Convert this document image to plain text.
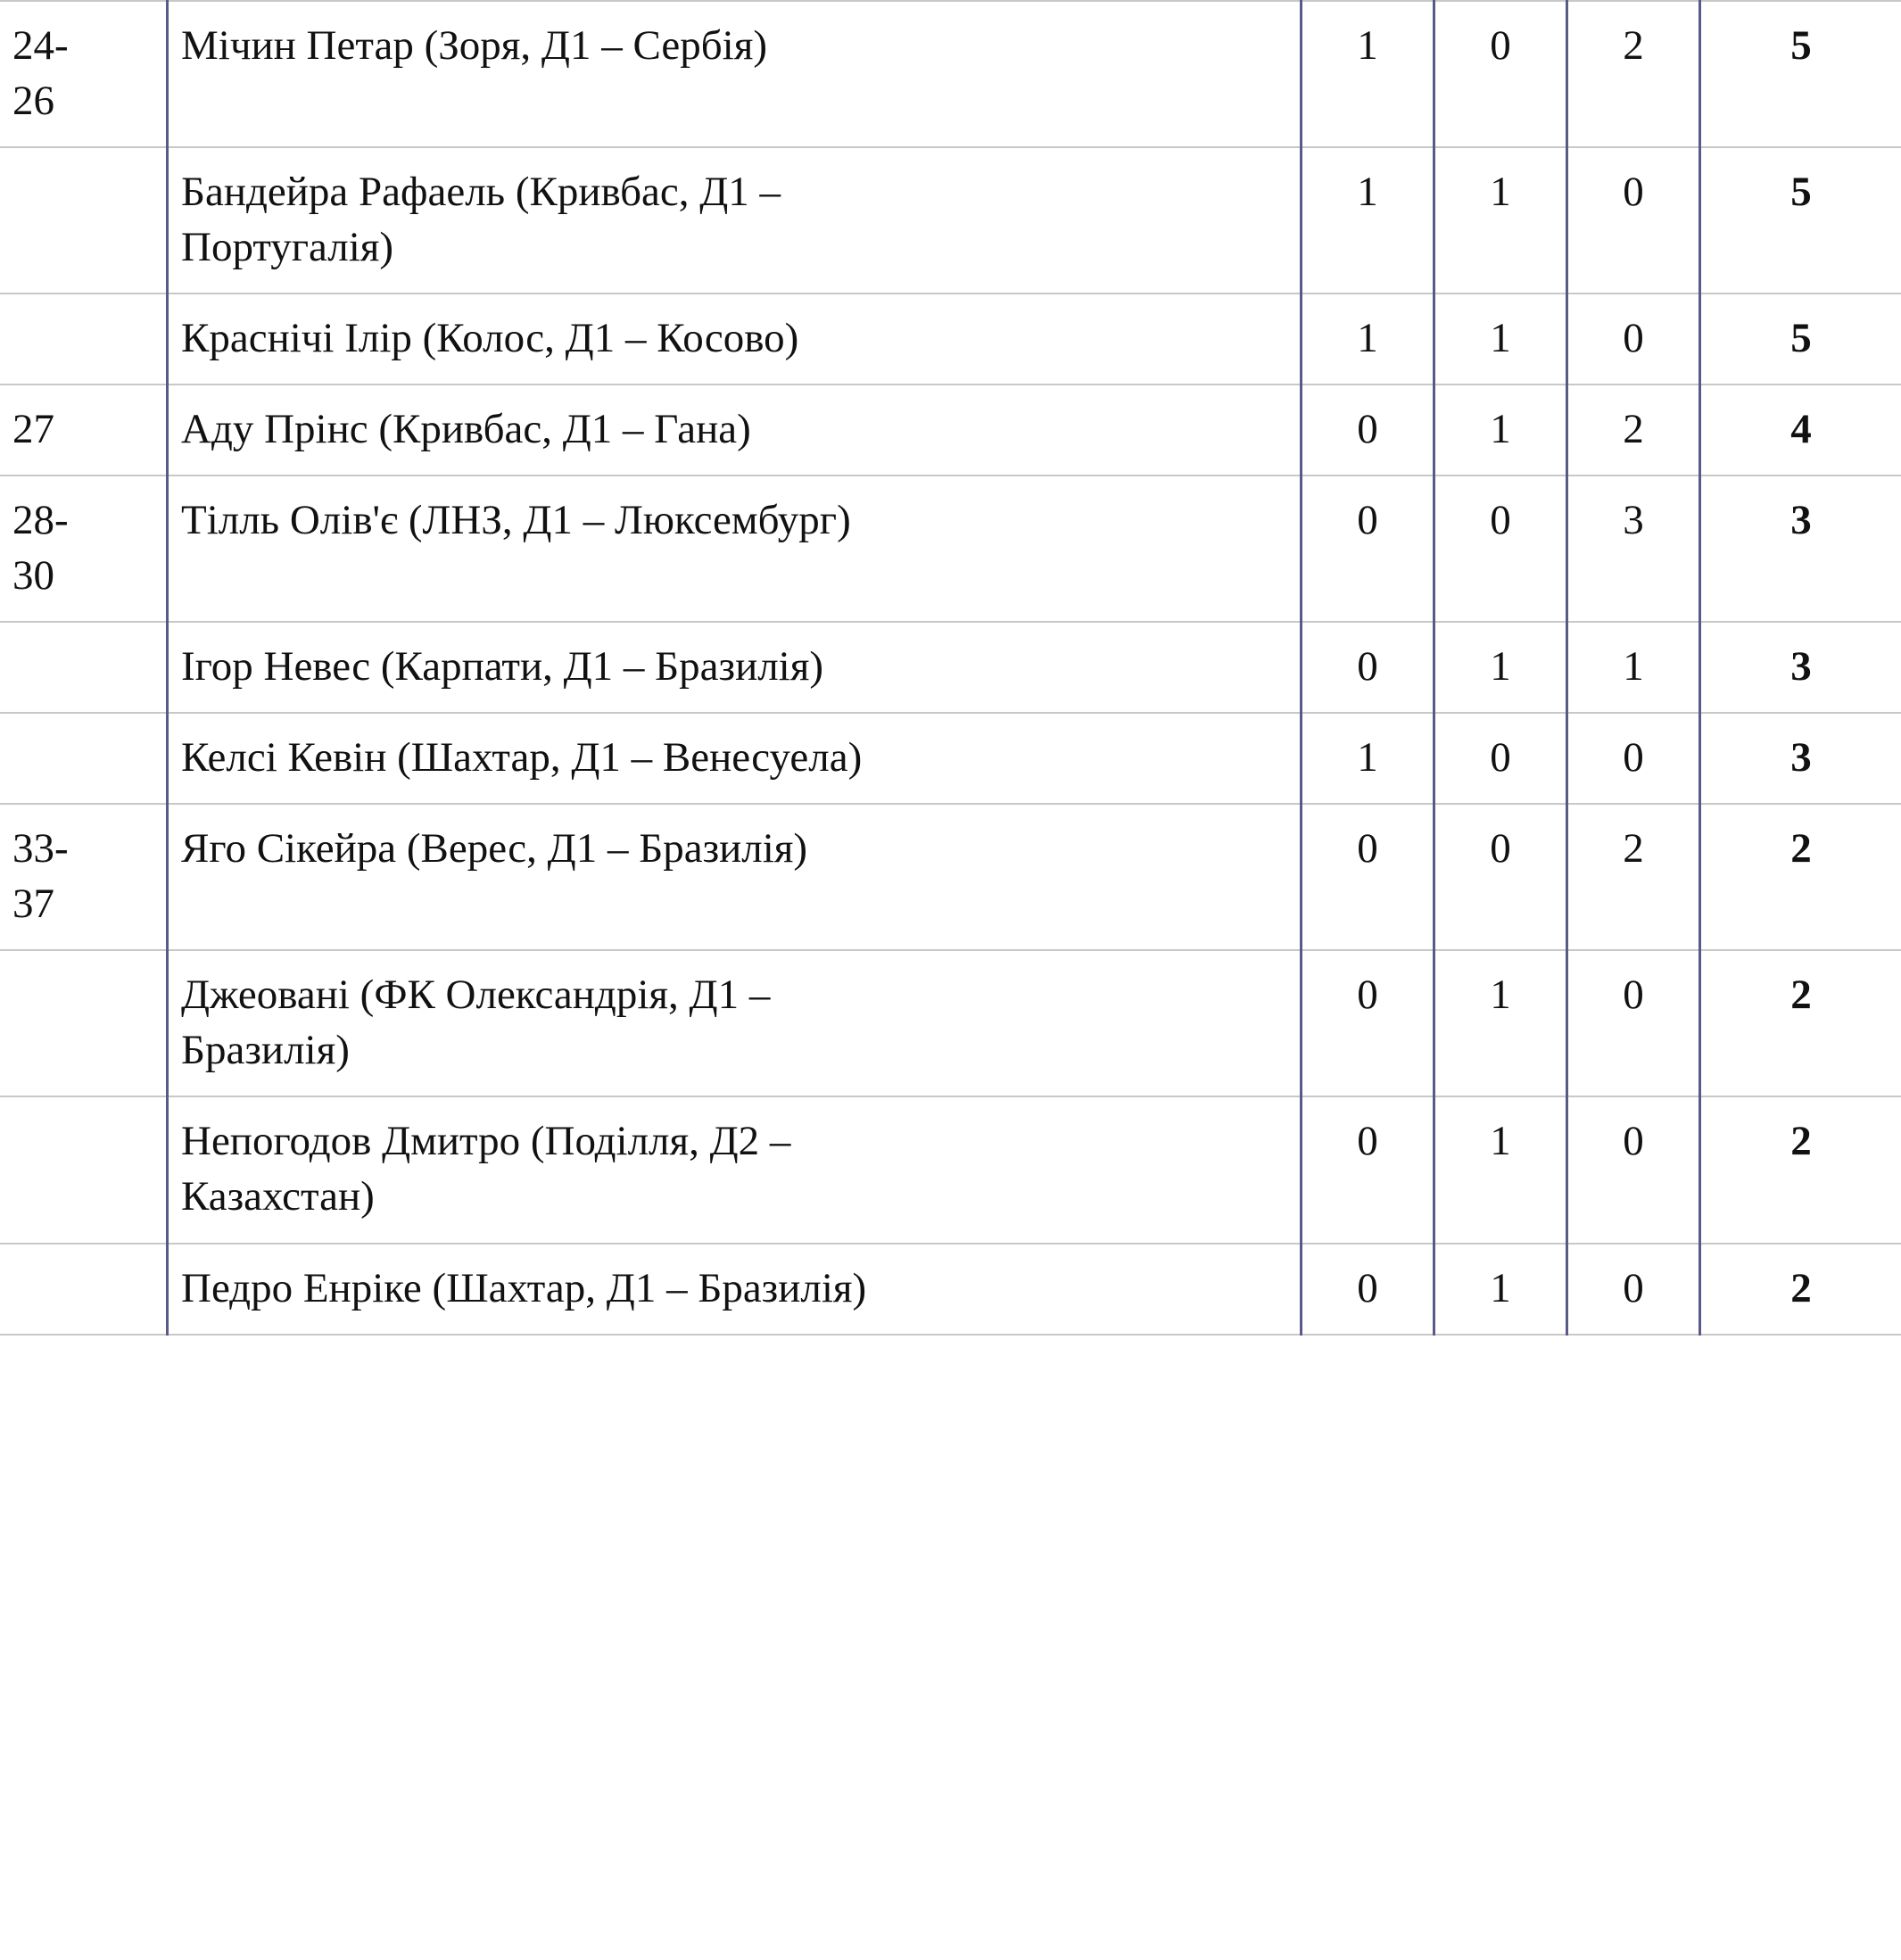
24-
26	Мічин Петар (Зоря, Д1 – Сербія)	1	0	2	5

	Бандейра Рафаель (Кривбас, Д1 –
Португалія)	1	1	0	5

	Краснічі Ілір (Колос, Д1 – Косово)	1	1	0	5

27	Аду Прінс (Кривбас, Д1 – Гана)	0	1	2	4

28-
30	Тілль Олів'є (ЛНЗ, Д1 – Люксембург)	0	0	3	3

	Ігор Невес (Карпати, Д1 – Бразилія)	0	1	1	3

	Келсі Кевін (Шахтар, Д1 – Венесуела)	1	0	0	3

33-
37	Яго Сікейра (Верес, Д1 – Бразилія)	0	0	2	2

	Джеовані (ФК Олександрія, Д1 –
Бразилія)	0	1	0	2

	Непогодов Дмитро (Поділля, Д2 –
Казахстан)	0	1	0	2

	Педро Енріке (Шахтар, Д1 – Бразилія)	0	1	0	2
